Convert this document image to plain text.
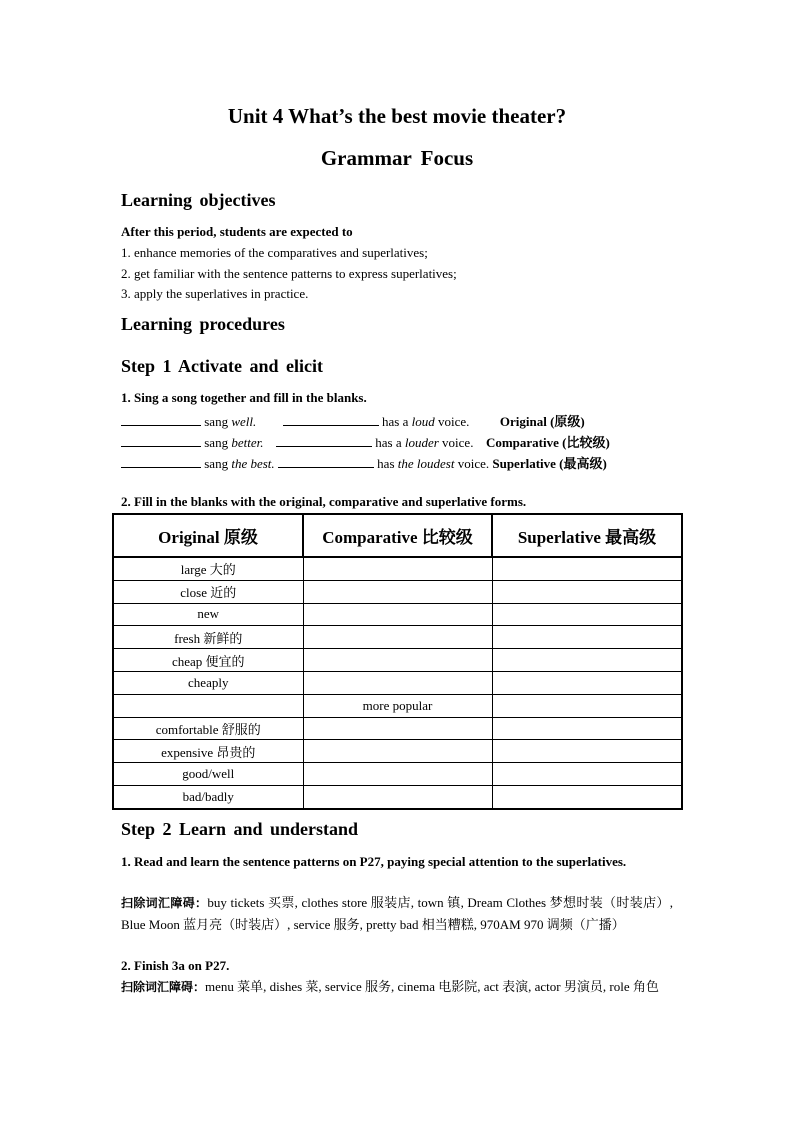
Unit 4 What’s the best movie theater?
Grammar Focus
Learning objectives
After this period, students are expected to
1. enhance memories of the comparatives and superlatives;
2. get familiar with the sentence patterns to express superlatives;
3. apply the superlatives in practice.
Learning procedures
Step 1 Activate and elicit
1. Sing a song together and fill in the blanks.
sang well.	has a loud voice. Original (原级)
sang better.	has a louder voice. Comparative (比较级)
sang the best.	has the loudest voice. Superlative (最高级)
2. Fill in the blanks with the original, comparative and superlative forms.
Original 原级	Comparative 比较级	Superlative 最高级
large 大的		
close 近的		
new		
fresh 新鲜的		
cheap 便宜的		
cheaply		
	more popular	
comfortable 舒服的		
expensive 昂贵的		
good/well		
bad/badly		
Step 2 Learn and understand
1. Read and learn the sentence patterns on P27, paying special attention to the superlatives.
扫除词汇障碍：buy tickets 买票, clothes store 服装店, town 镇, Dream Clothes 梦想时装（时装店）, Blue Moon 蓝月亮（时装店）, service 服务, pretty bad 相当糟糕, 970AM 970 调频（广播）
2. Finish 3a on P27.
扫除词汇障碍：menu 菜单, dishes 菜, service 服务, cinema 电影院, act 表演, actor 男演员, role 角色
